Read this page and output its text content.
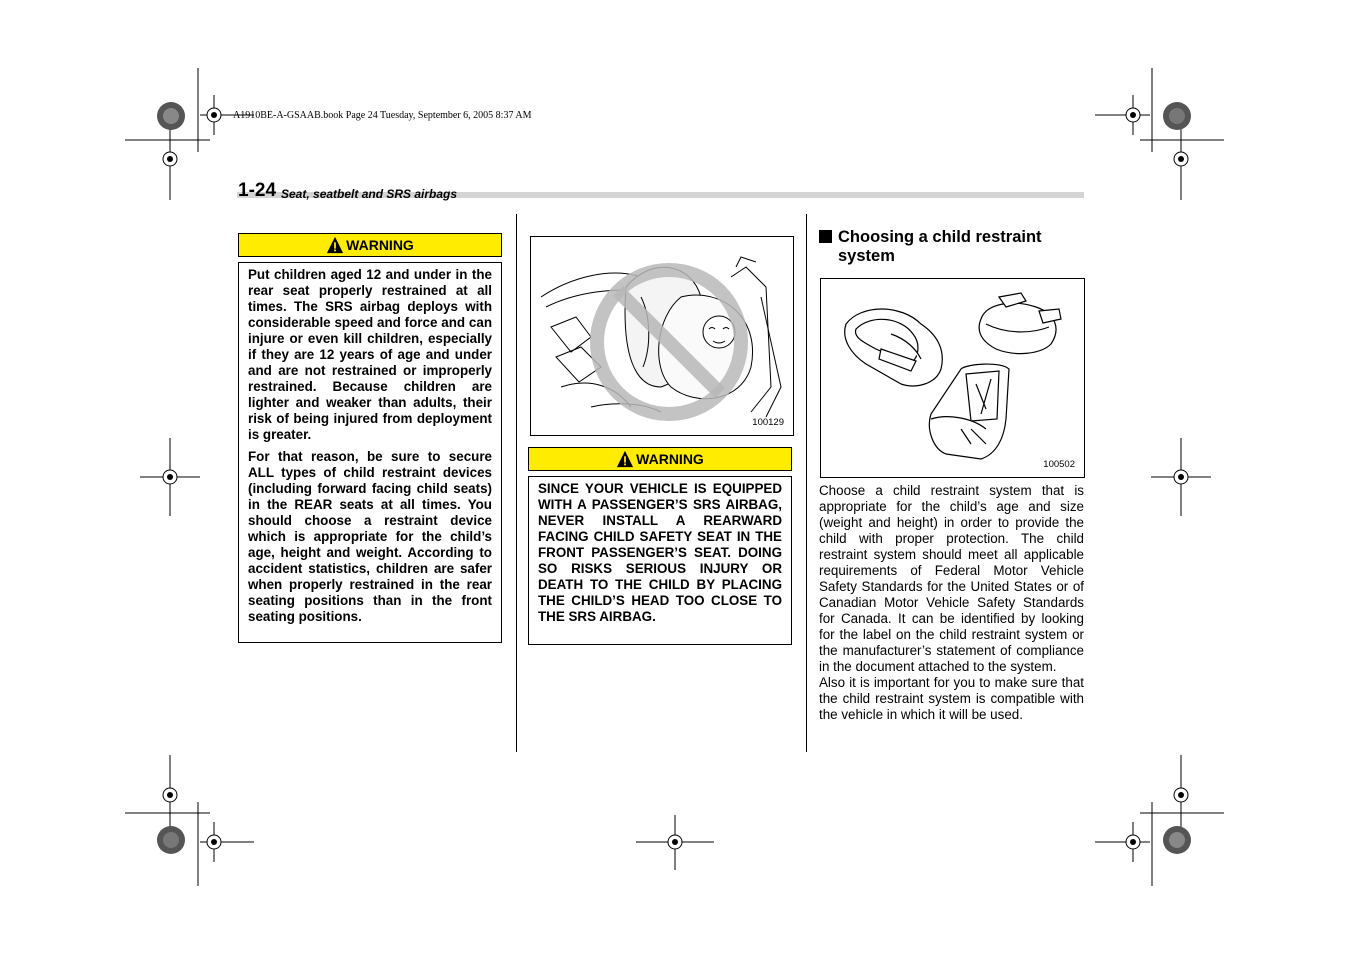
A1910BE-A-GSAAB.book Page 24 Tuesday, September 6, 2005 8:37 AM
1-24 Seat, seatbelt and SRS airbags
WARNING

Put children aged 12 and under in the rear seat properly restrained at all times. The SRS airbag deploys with considerable speed and force and can injure or even kill children, especially if they are 12 years of age and under and are not restrained or improperly restrained. Because children are lighter and weaker than adults, their risk of being injured from deployment is greater.

For that reason, be sure to secure ALL types of child restraint devices (including forward facing child seats) in the REAR seats at all times. You should choose a restraint device which is appropriate for the child’s age, height and weight. According to accident statistics, children are safer when properly restrained in the rear seating positions than in the front seating positions.

100129
WARNING

SINCE YOUR VEHICLE IS EQUIPPED WITH A PASSENGER’S SRS AIRBAG, NEVER INSTALL A REARWARD FACING CHILD SAFETY SEAT IN THE FRONT PASSENGER’S SEAT. DOING SO RISKS SERIOUS INJURY OR DEATH TO THE CHILD BY PLACING THE CHILD’S HEAD TOO CLOSE TO THE SRS AIRBAG.

Choosing a child restraint
system
100502

Choose a child restraint system that is appropriate for the child’s age and size (weight and height) in order to provide the child with proper protection. The child restraint system should meet all applicable requirements of Federal Motor Vehicle Safety Standards for the United States or of Canadian Motor Vehicle Safety Standards for Canada. It can be identified by looking for the label on the child restraint system or the manufacturer’s statement of compliance in the document attached to the system.

Also it is important for you to make sure that the child restraint system is compatible with the vehicle in which it will be used.
